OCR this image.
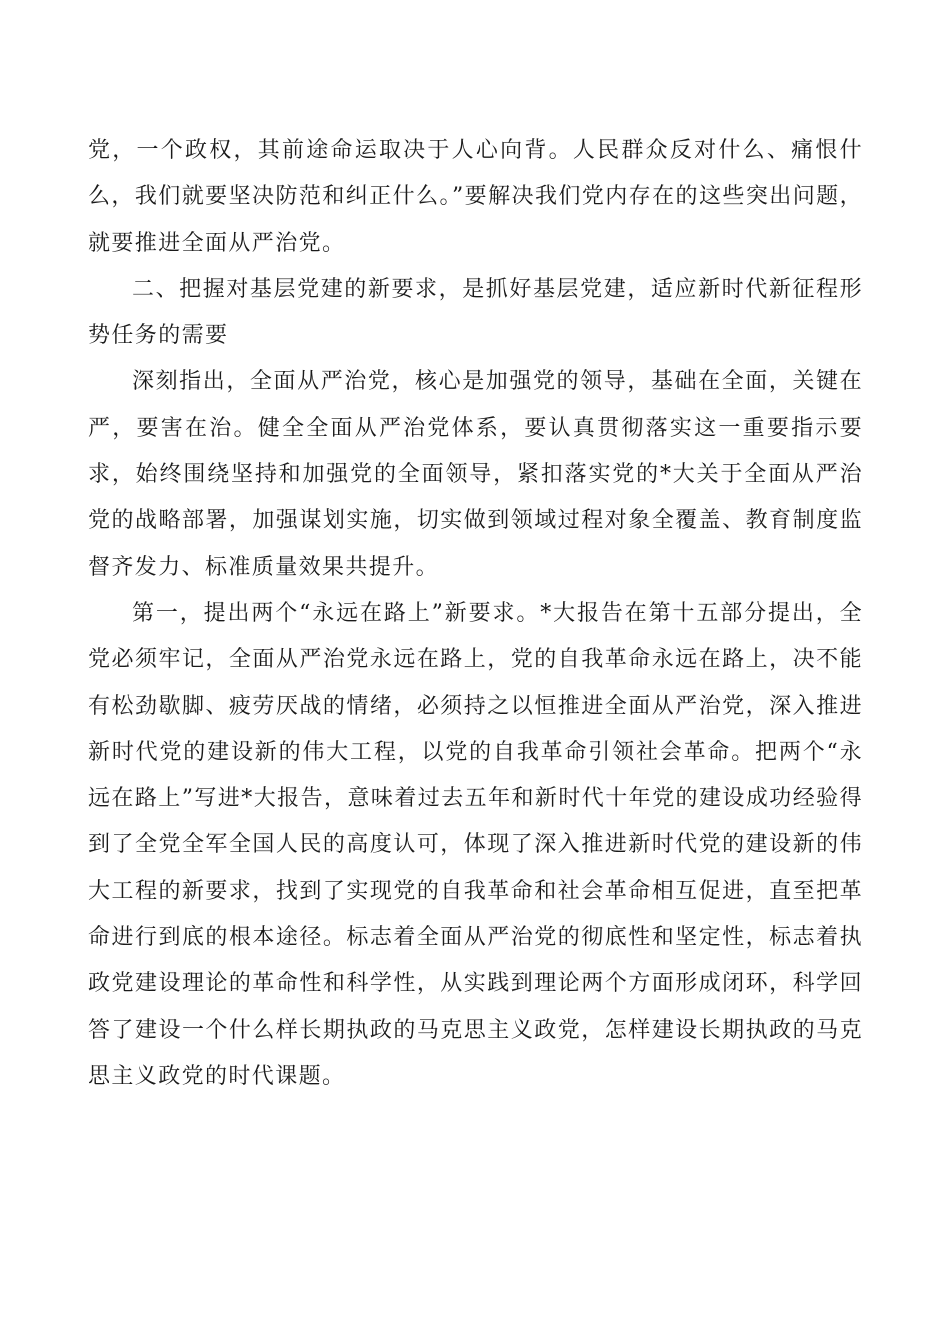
党，一个政权，其前途命运取决于人心向背。人民群众反对什么、痛恨什么，我们就要坚决防范和纠正什么。”要解决我们党内存在的这些突出问题，就要推进全面从严治党。

二、把握对基层党建的新要求，是抓好基层党建，适应新时代新征程形势任务的需要

深刻指出，全面从严治党，核心是加强党的领导，基础在全面，关键在严，要害在治。健全全面从严治党体系，要认真贯彻落实这一重要指示要求，始终围绕坚持和加强党的全面领导，紧扣落实党的*大关于全面从严治党的战略部署，加强谋划实施，切实做到领域过程对象全覆盖、教育制度监督齐发力、标准质量效果共提升。

第一，提出两个“永远在路上”新要求。*大报告在第十五部分提出，全党必须牢记，全面从严治党永远在路上，党的自我革命永远在路上，决不能有松劲歇脚、疲劳厌战的情绪，必须持之以恒推进全面从严治党，深入推进新时代党的建设新的伟大工程，以党的自我革命引领社会革命。把两个“永远在路上”写进*大报告，意味着过去五年和新时代十年党的建设成功经验得到了全党全军全国人民的高度认可，体现了深入推进新时代党的建设新的伟大工程的新要求，找到了实现党的自我革命和社会革命相互促进，直至把革命进行到底的根本途径。标志着全面从严治党的彻底性和坚定性，标志着执政党建设理论的革命性和科学性，从实践到理论两个方面形成闭环，科学回答了建设一个什么样长期执政的马克思主义政党，怎样建设长期执政的马克思主义政党的时代课题。
